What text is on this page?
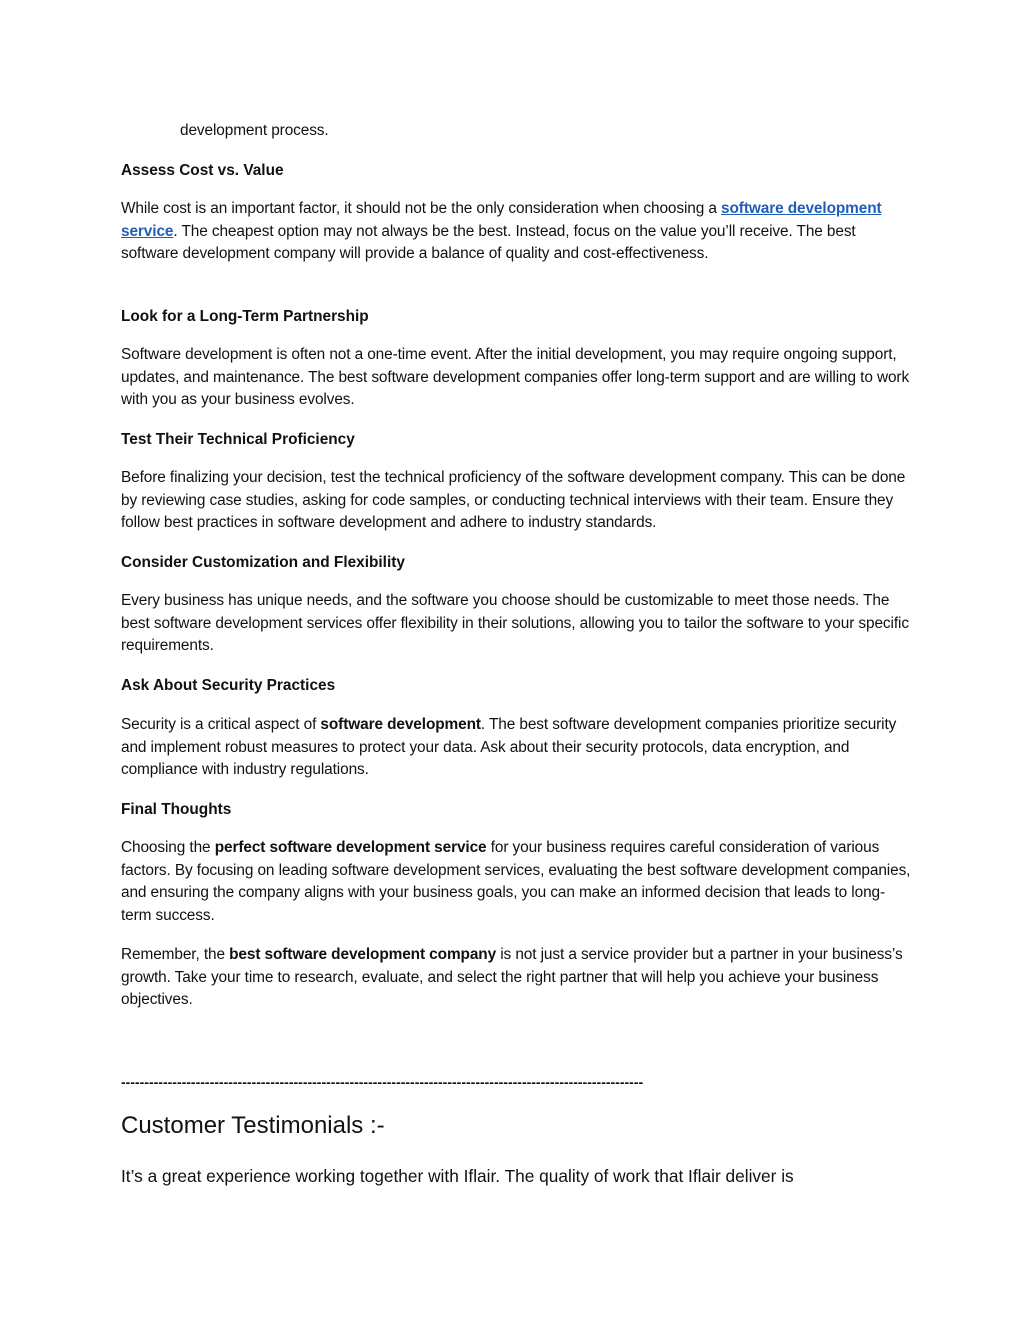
development process.

Assess Cost vs. Value

While cost is an important factor, it should not be the only consideration when choosing a software development service. The cheapest option may not always be the best. Instead, focus on the value you’ll receive. The best software development company will provide a balance of quality and cost-effectiveness.

Look for a Long-Term Partnership

Software development is often not a one-time event. After the initial development, you may require ongoing support, updates, and maintenance. The best software development companies offer long-term support and are willing to work with you as your business evolves.

Test Their Technical Proficiency

Before finalizing your decision, test the technical proficiency of the software development company. This can be done by reviewing case studies, asking for code samples, or conducting technical interviews with their team. Ensure they follow best practices in software development and adhere to industry standards.

Consider Customization and Flexibility

Every business has unique needs, and the software you choose should be customizable to meet those needs. The best software development services offer flexibility in their solutions, allowing you to tailor the software to your specific requirements.

Ask About Security Practices

Security is a critical aspect of software development. The best software development companies prioritize security and implement robust measures to protect your data. Ask about their security protocols, data encryption, and compliance with industry regulations.

Final Thoughts

Choosing the perfect software development service for your business requires careful consideration of various factors. By focusing on leading software development services, evaluating the best software development companies, and ensuring the company aligns with your business goals, you can make an informed decision that leads to long-term success.

Remember, the best software development company is not just a service provider but a partner in your business’s growth. Take your time to research, evaluate, and select the right partner that will help you achieve your business objectives.

----------------------------------------------------------------------------------------------------------------

Customer Testimonials :-

It’s a great experience working together with Iflair. The quality of work that Iflair deliver is
